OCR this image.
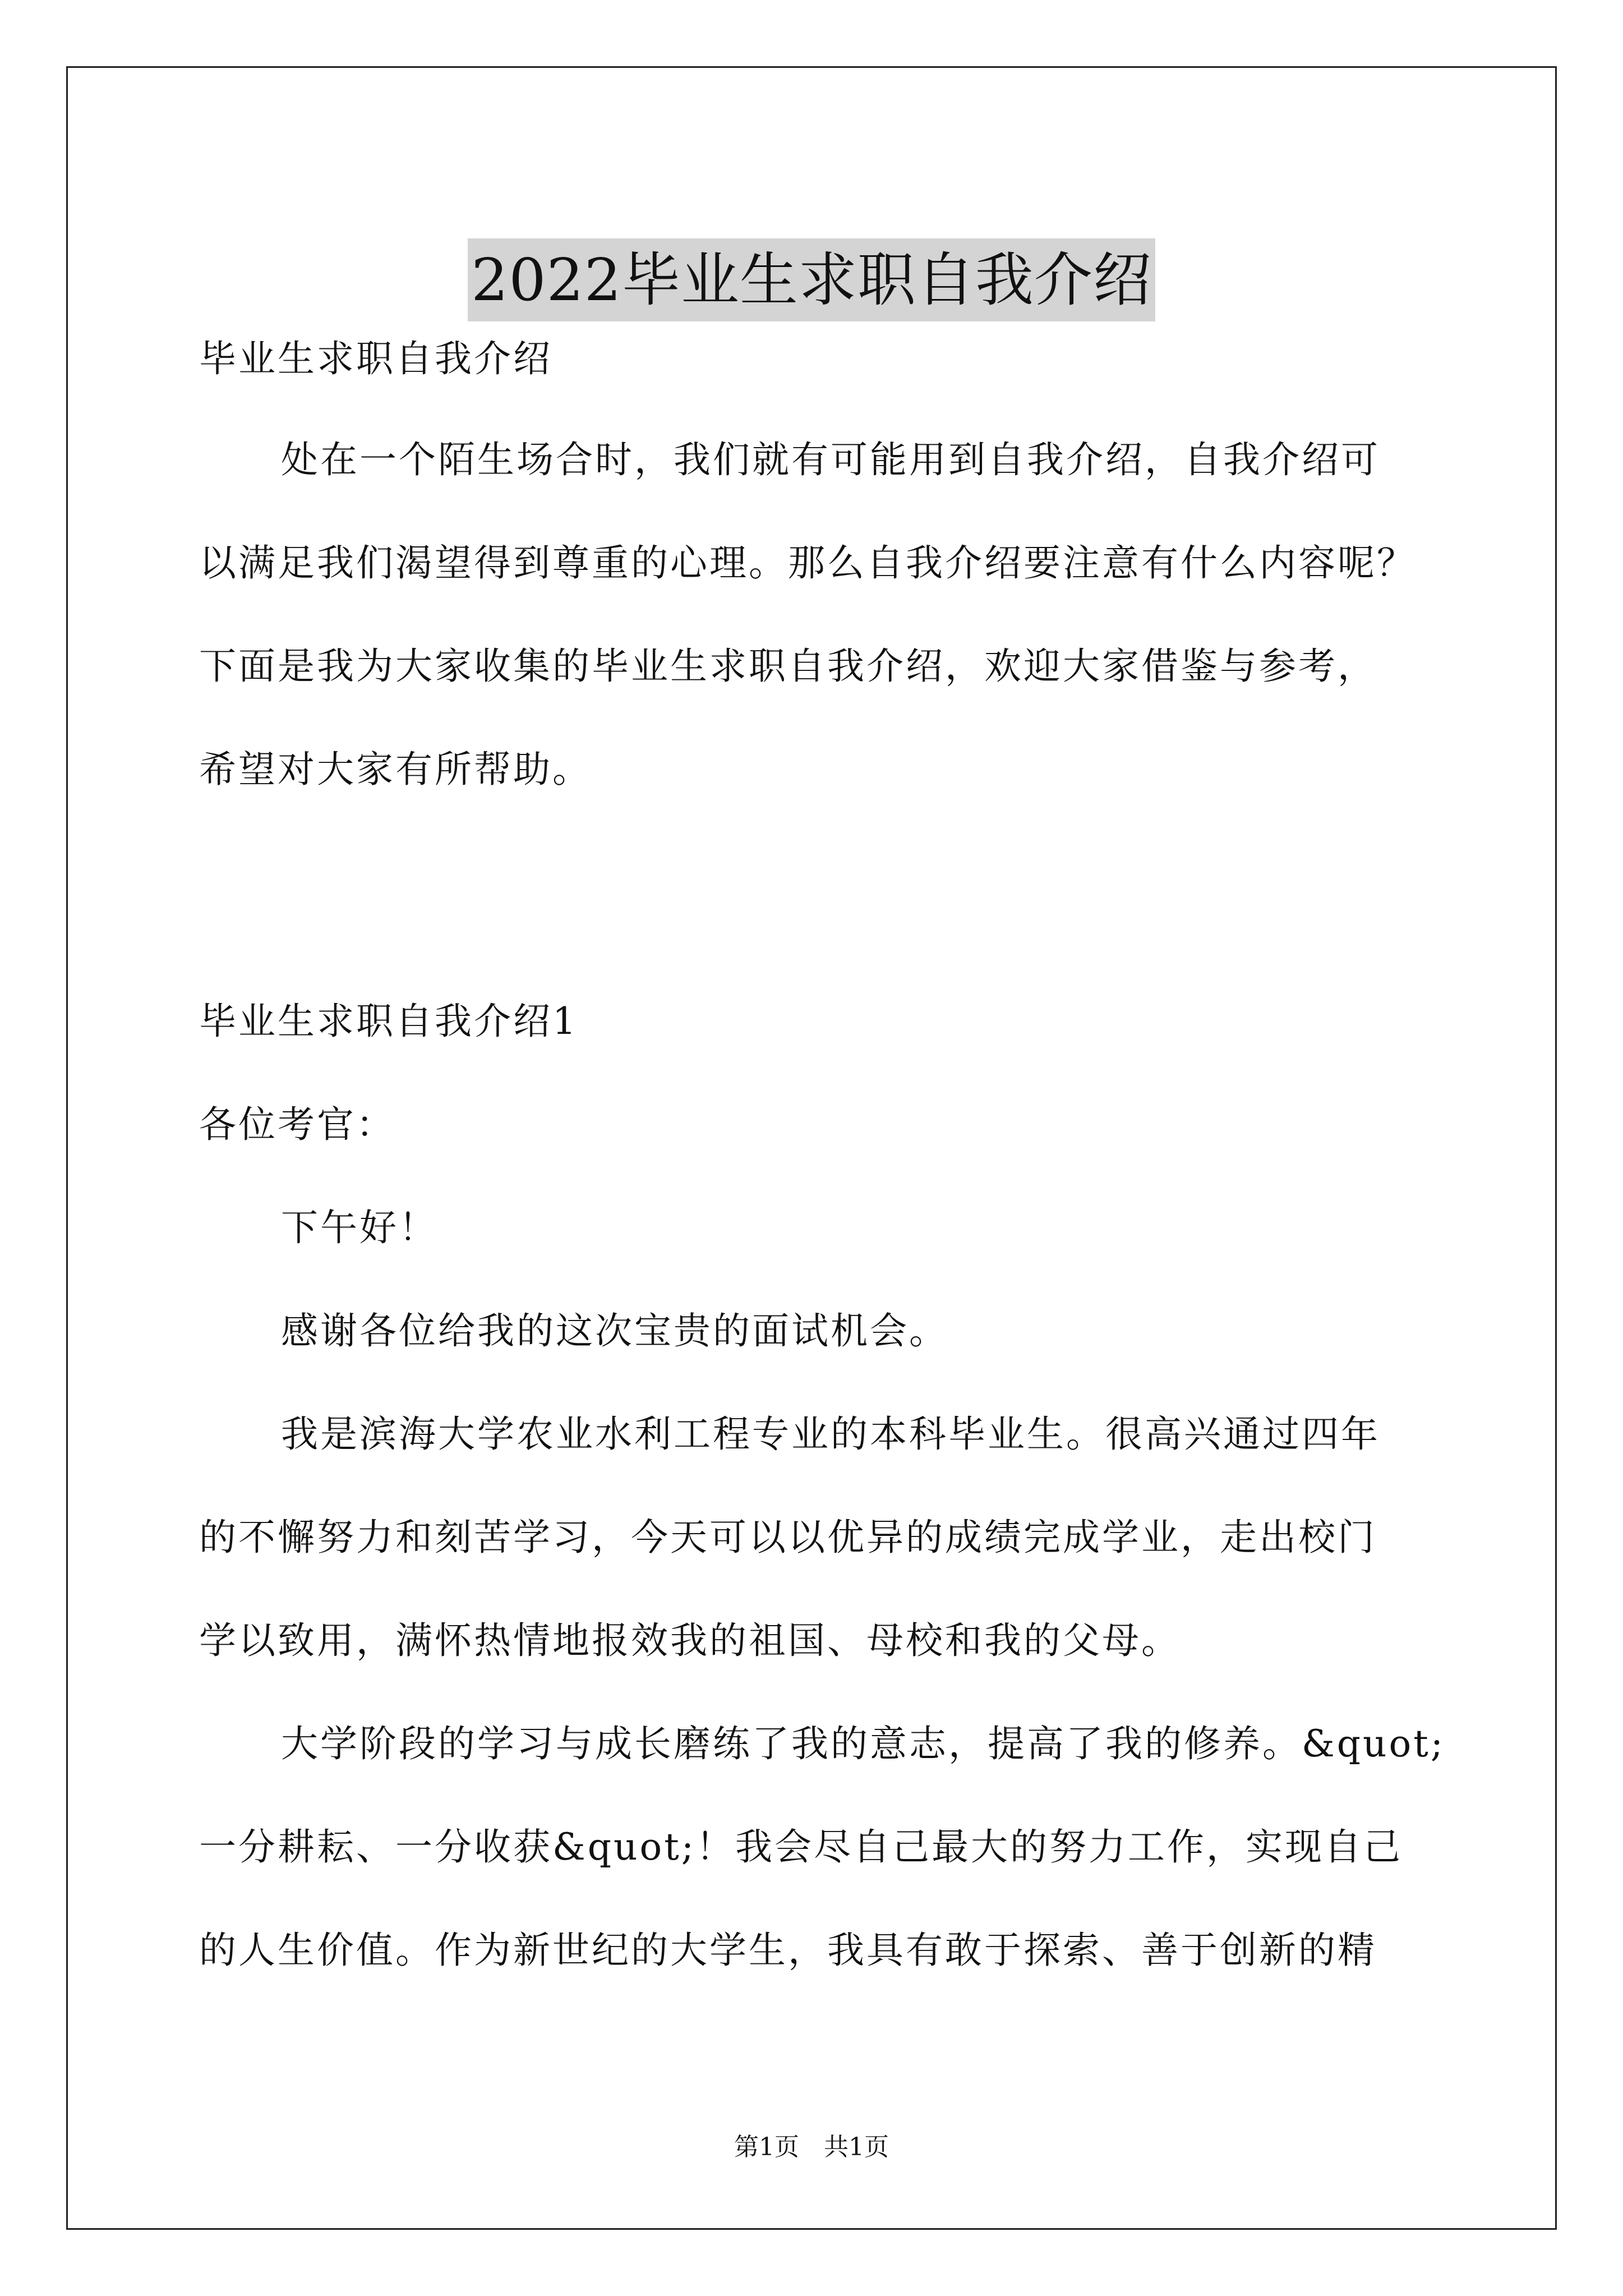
2022毕业生求职自我介绍
毕业生求职自我介绍
处在一个陌生场合时，我们就有可能用到自我介绍，自我介绍可
以满足我们渴望得到尊重的心理。那么自我介绍要注意有什么内容呢？
下面是我为大家收集的毕业生求职自我介绍，欢迎大家借鉴与参考，
希望对大家有所帮助。
毕业生求职自我介绍1
各位考官：
下午好！
感谢各位给我的这次宝贵的面试机会。
我是滨海大学农业水利工程专业的本科毕业生。很高兴通过四年
的不懈努力和刻苦学习，今天可以以优异的成绩完成学业，走出校门
学以致用，满怀热情地报效我的祖国、母校和我的父母。
大学阶段的学习与成长磨练了我的意志，提高了我的修养。&quot;
一分耕耘、一分收获&quot;！我会尽自己最大的努力工作，实现自己
的人生价值。作为新世纪的大学生，我具有敢于探索、善于创新的精
第1页 共1页
